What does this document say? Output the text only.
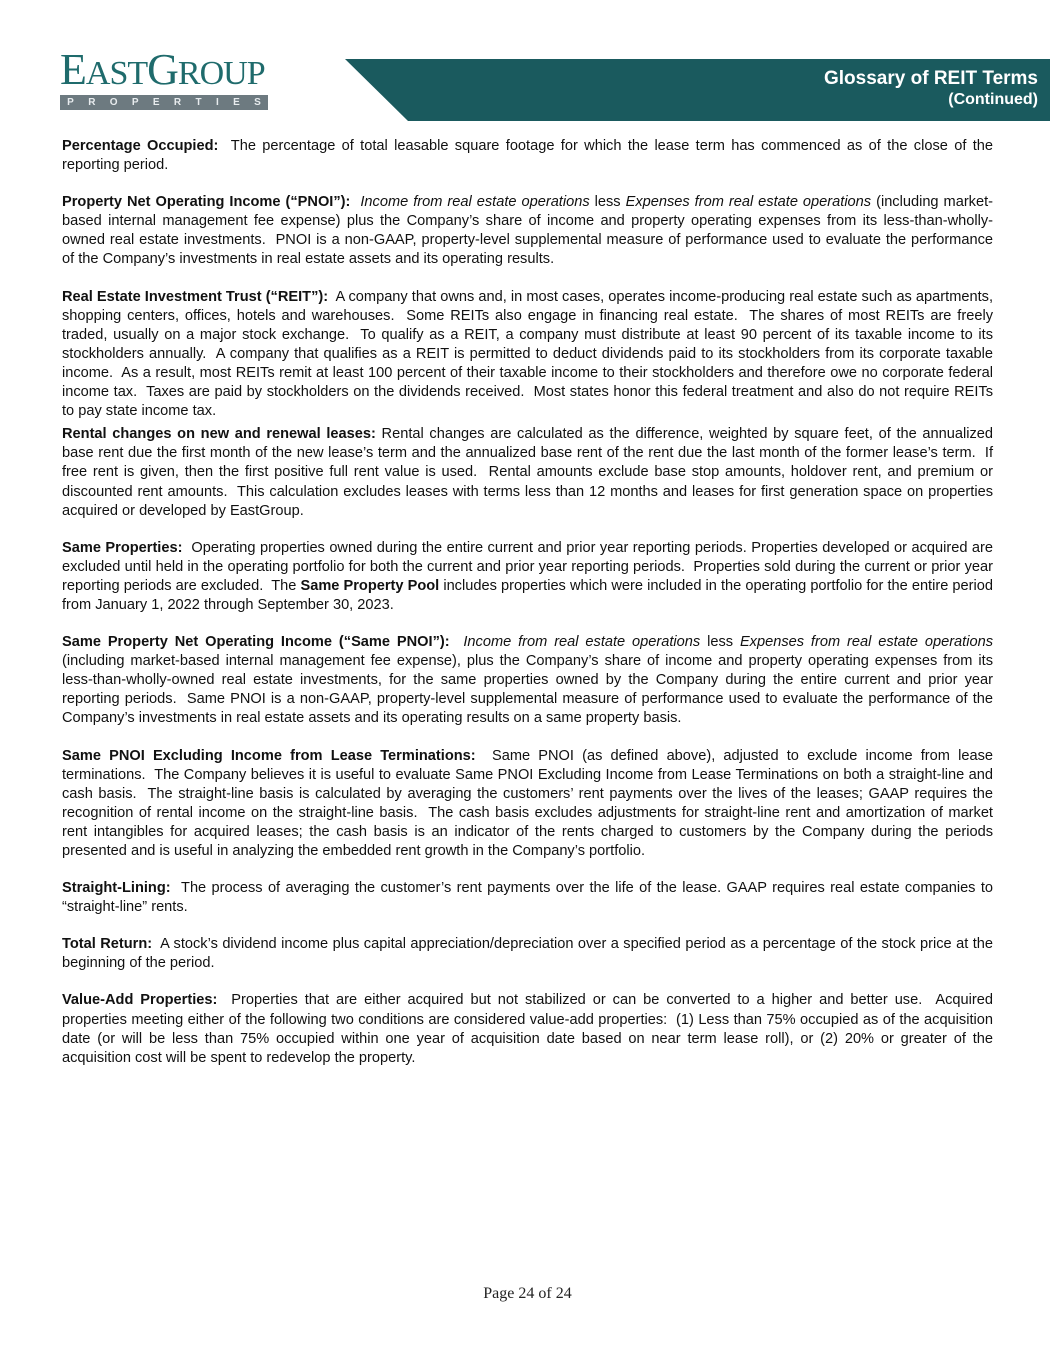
EASTGROUP
P R O P E R T I E S
Glossary of REIT Terms
(Continued)

Percentage Occupied:  The percentage of total leasable square footage for which the lease term has commenced as of the close of the reporting period.

Property Net Operating Income (“PNOI”): Income from real estate operations less Expenses from real estate operations (including market-based internal management fee expense) plus the Company’s share of income and property operating expenses from its less-than-wholly-owned real estate investments.  PNOI is a non-GAAP, property-level supplemental measure of performance used to evaluate the performance of the Company’s investments in real estate assets and its operating results.

Real Estate Investment Trust (“REIT”):  A company that owns and, in most cases, operates income-producing real estate such as apartments, shopping centers, offices, hotels and warehouses.  Some REITs also engage in financing real estate.  The shares of most REITs are freely traded, usually on a major stock exchange.  To qualify as a REIT, a company must distribute at least 90 percent of its taxable income to its stockholders annually.  A company that qualifies as a REIT is permitted to deduct dividends paid to its stockholders from its corporate taxable income.  As a result, most REITs remit at least 100 percent of their taxable income to their stockholders and therefore owe no corporate federal income tax.  Taxes are paid by stockholders on the dividends received.  Most states honor this federal treatment and also do not require REITs to pay state income tax.

Rental changes on new and renewal leases: Rental changes are calculated as the difference, weighted by square feet, of the annualized base rent due the first month of the new lease’s term and the annualized base rent of the rent due the last month of the former lease’s term.  If free rent is given, then the first positive full rent value is used.  Rental amounts exclude base stop amounts, holdover rent, and premium or discounted rent amounts.  This calculation excludes leases with terms less than 12 months and leases for first generation space on properties acquired or developed by EastGroup.

Same Properties:  Operating properties owned during the entire current and prior year reporting periods. Properties developed or acquired are excluded until held in the operating portfolio for both the current and prior year reporting periods.  Properties sold during the current or prior year reporting periods are excluded.  The Same Property Pool includes properties which were included in the operating portfolio for the entire period from January 1, 2022 through September 30, 2023.

Same Property Net Operating Income (“Same PNOI”): Income from real estate operations less Expenses from real estate operations (including market-based internal management fee expense), plus the Company’s share of income and property operating expenses from its less-than-wholly-owned real estate investments, for the same properties owned by the Company during the entire current and prior year reporting periods.  Same PNOI is a non-GAAP, property-level supplemental measure of performance used to evaluate the performance of the Company’s investments in real estate assets and its operating results on a same property basis.

Same PNOI Excluding Income from Lease Terminations:  Same PNOI (as defined above), adjusted to exclude income from lease terminations.  The Company believes it is useful to evaluate Same PNOI Excluding Income from Lease Terminations on both a straight-line and cash basis.  The straight-line basis is calculated by averaging the customers’ rent payments over the lives of the leases; GAAP requires the recognition of rental income on the straight-line basis.  The cash basis excludes adjustments for straight-line rent and amortization of market rent intangibles for acquired leases; the cash basis is an indicator of the rents charged to customers by the Company during the periods presented and is useful in analyzing the embedded rent growth in the Company’s portfolio.

Straight-Lining:  The process of averaging the customer’s rent payments over the life of the lease. GAAP requires real estate companies to “straight-line” rents.

Total Return:  A stock’s dividend income plus capital appreciation/depreciation over a specified period as a percentage of the stock price at the beginning of the period.

Value-Add Properties:  Properties that are either acquired but not stabilized or can be converted to a higher and better use.  Acquired properties meeting either of the following two conditions are considered value-add properties:  (1) Less than 75% occupied as of the acquisition date (or will be less than 75% occupied within one year of acquisition date based on near term lease roll), or (2) 20% or greater of the acquisition cost will be spent to redevelop the property.

Page 24 of 24
